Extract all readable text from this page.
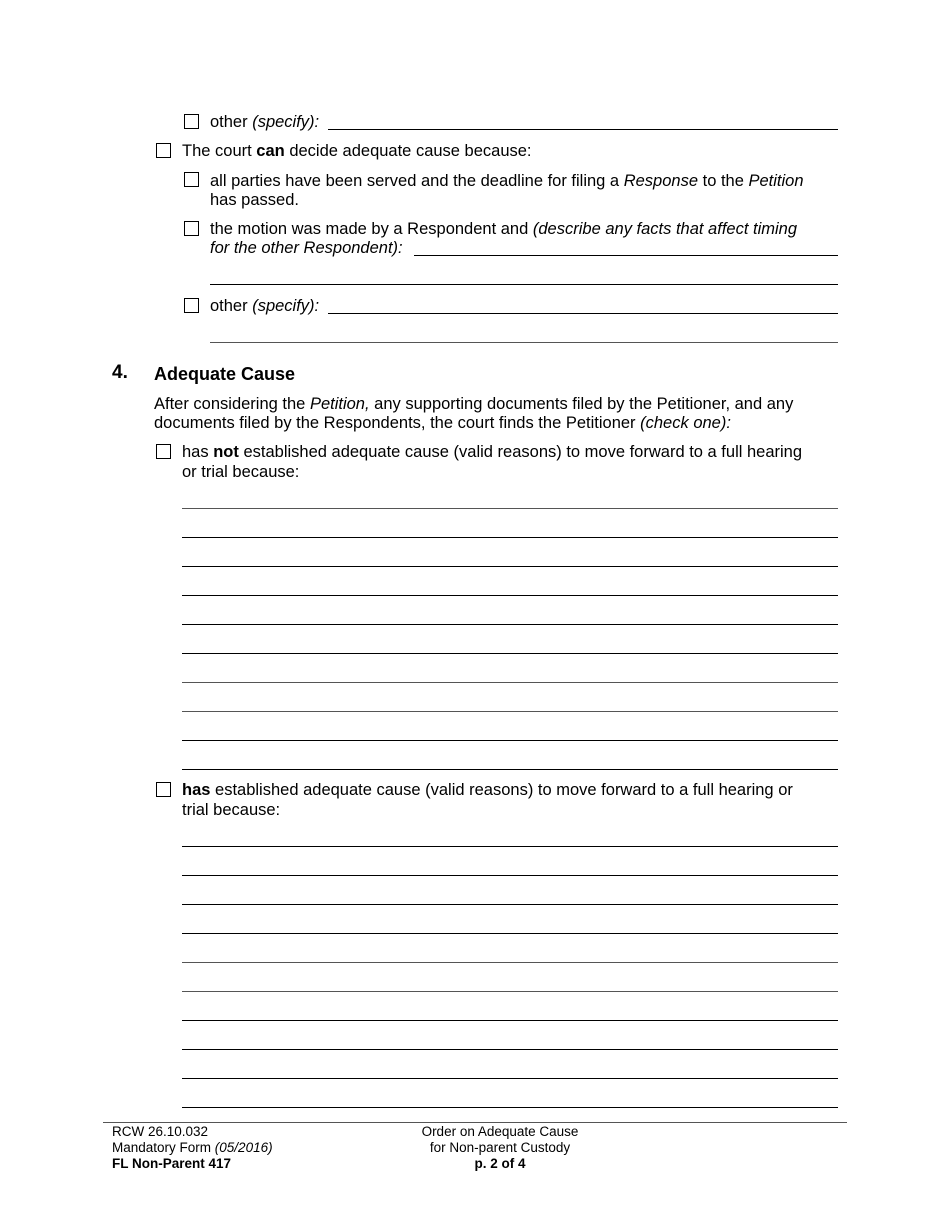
other (specify):
The court can decide adequate cause because:
all parties have been served and the deadline for filing a Response to the Petition
has passed.
the motion was made by a Respondent and (describe any facts that affect timing
for the other Respondent):
other (specify):
4. Adequate Cause
After considering the Petition, any supporting documents filed by the Petitioner, and any
documents filed by the Respondents, the court finds the Petitioner (check one):
has not established adequate cause (valid reasons) to move forward to a full hearing
or trial because:
has established adequate cause (valid reasons) to move forward to a full hearing or
trial because:
RCW 26.10.032
Mandatory Form (05/2016)
FL Non-Parent 417
Order on Adequate Cause
for Non-parent Custody
p. 2 of 4
